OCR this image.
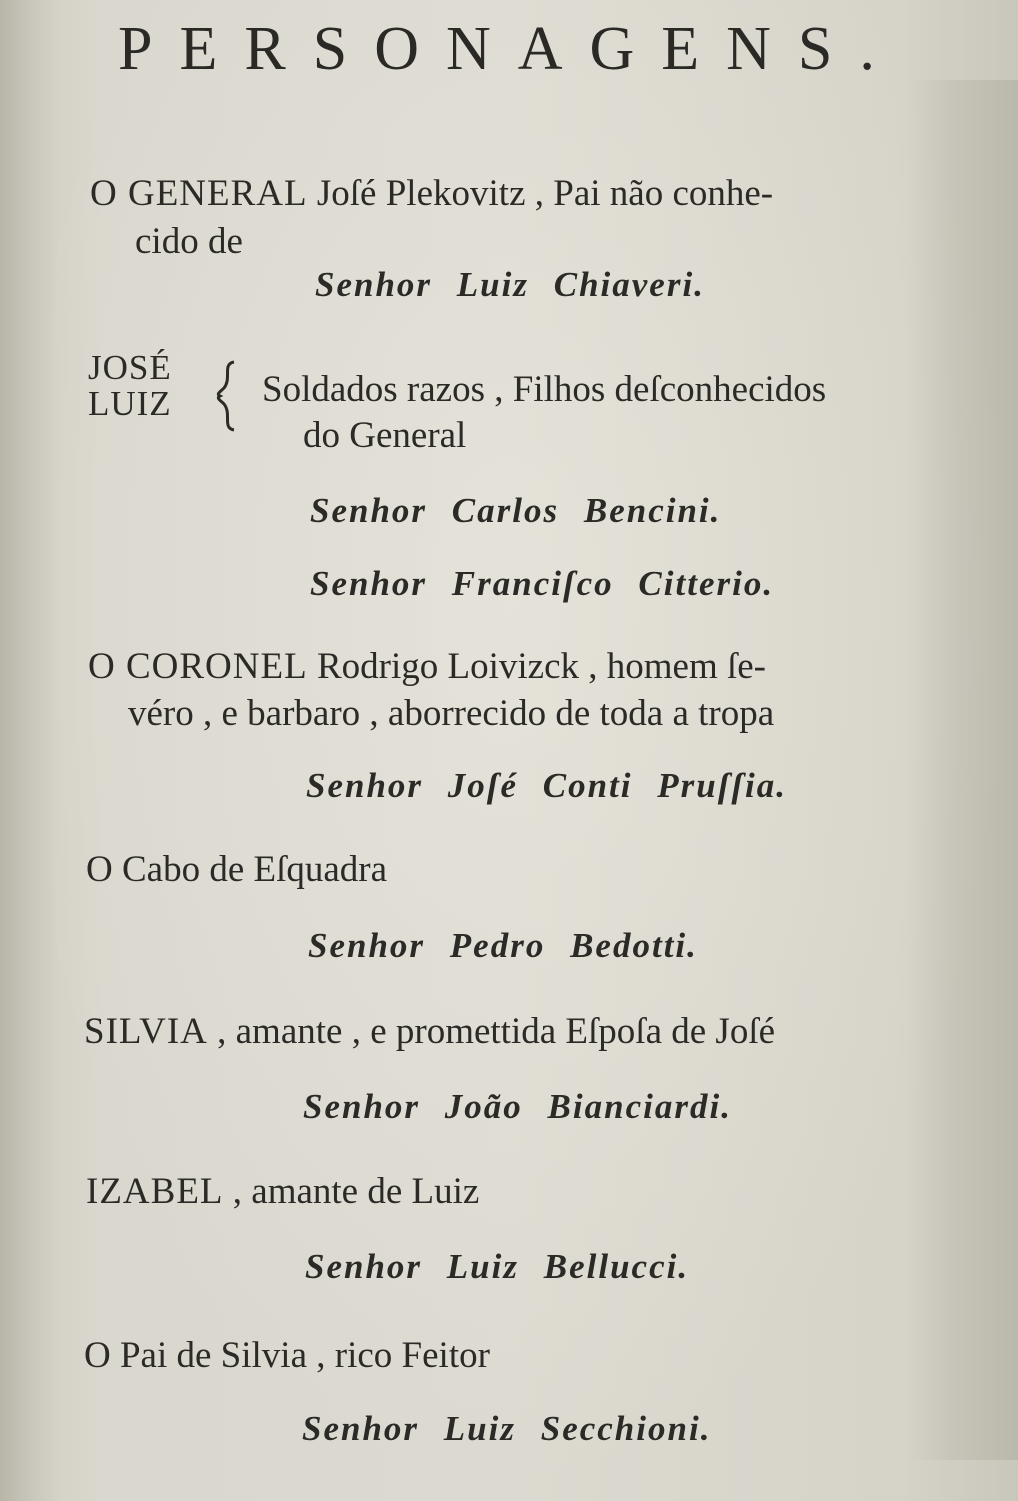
PERSONAGENS.
O GENERAL Joſé Plekovitz , Pai não conhe-
cido de
Senhor Luiz Chiaveri.
JOSÉ
LUIZ Soldados razos , Filhos deſconhecidos
do General
Senhor Carlos Bencini.
Senhor Franciſco Citterio.
O CORONEL Rodrigo Loivizck , homem ſe-
véro , e barbaro , aborrecido de toda a tropa
Senhor Joſé Conti Pruſſia.
O Cabo de Eſquadra
Senhor Pedro Bedotti.
SILVIA , amante , e promettida Eſpoſa de Joſé
Senhor João Bianciardi.
IZABEL , amante de Luiz
Senhor Luiz Bellucci.
O Pai de Silvia , rico Feitor
Senhor Luiz Secchioni.
